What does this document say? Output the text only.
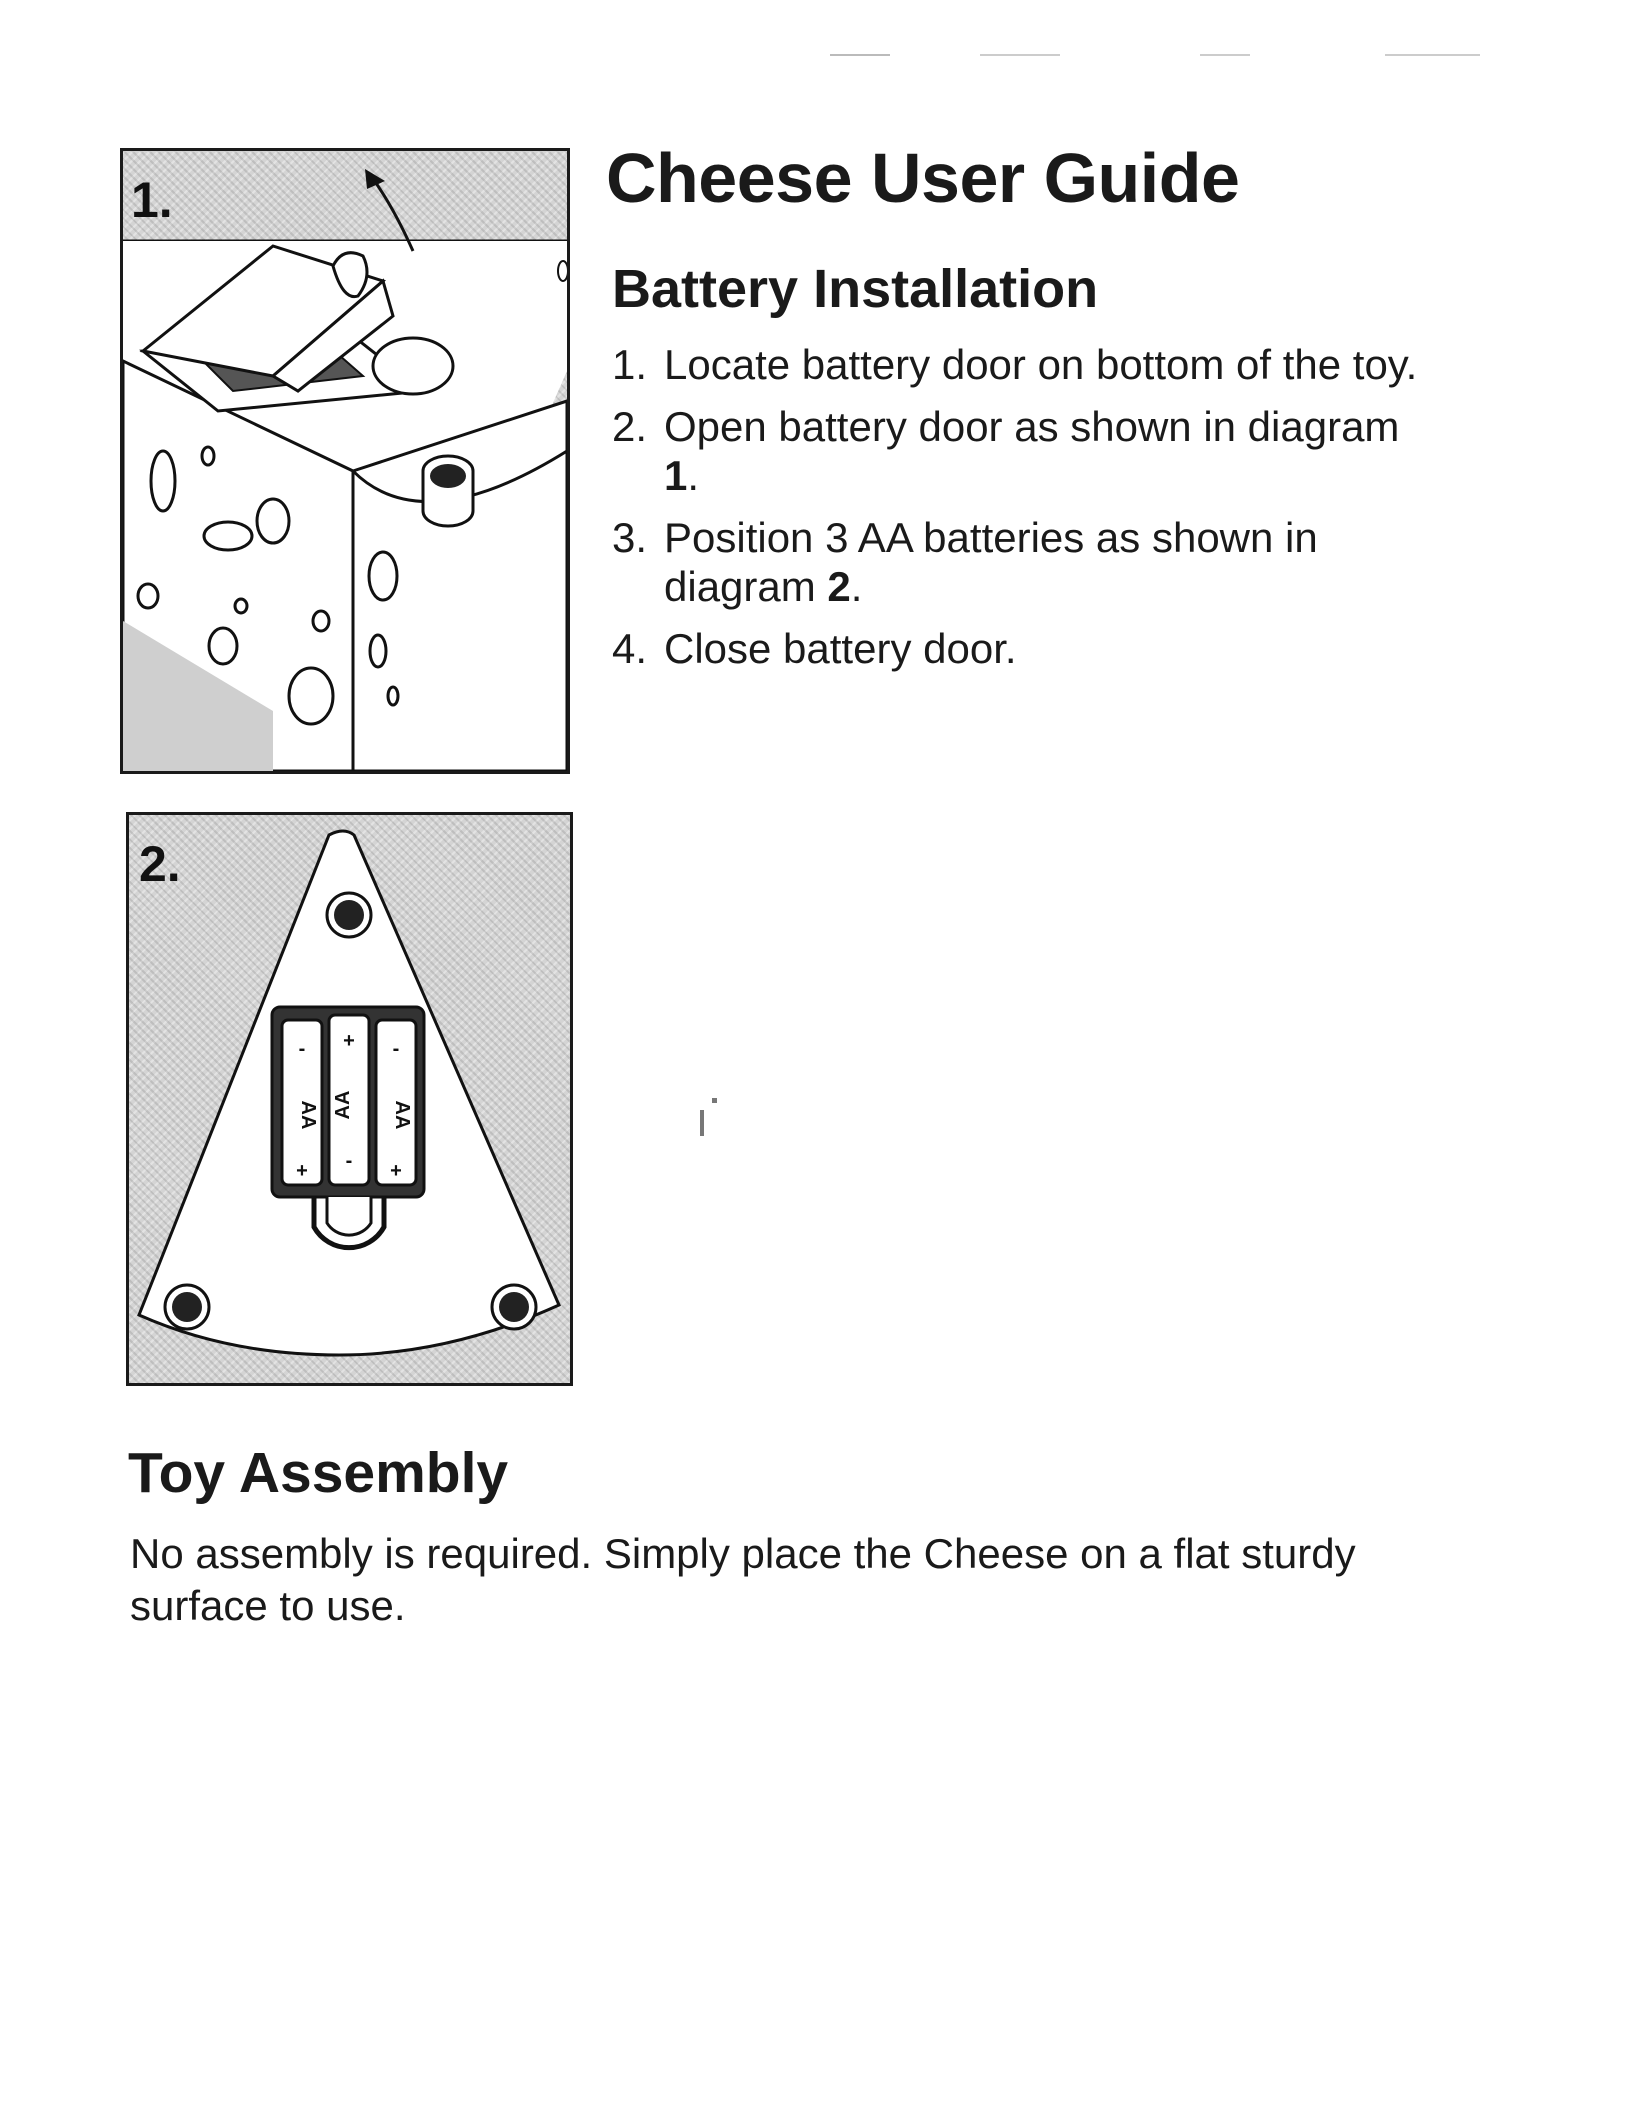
1.
-
AA
+
+
AA
-
-
AA
+
2.
Cheese User Guide
Battery Installation
1. Locate battery door on bottom of the toy.
2. Open battery door as shown in diagram 1.
3. Position 3 AA batteries as shown in diagram 2.
4. Close battery door.
Toy Assembly

No assembly is required. Simply place the Cheese on a flat sturdy surface to use.
